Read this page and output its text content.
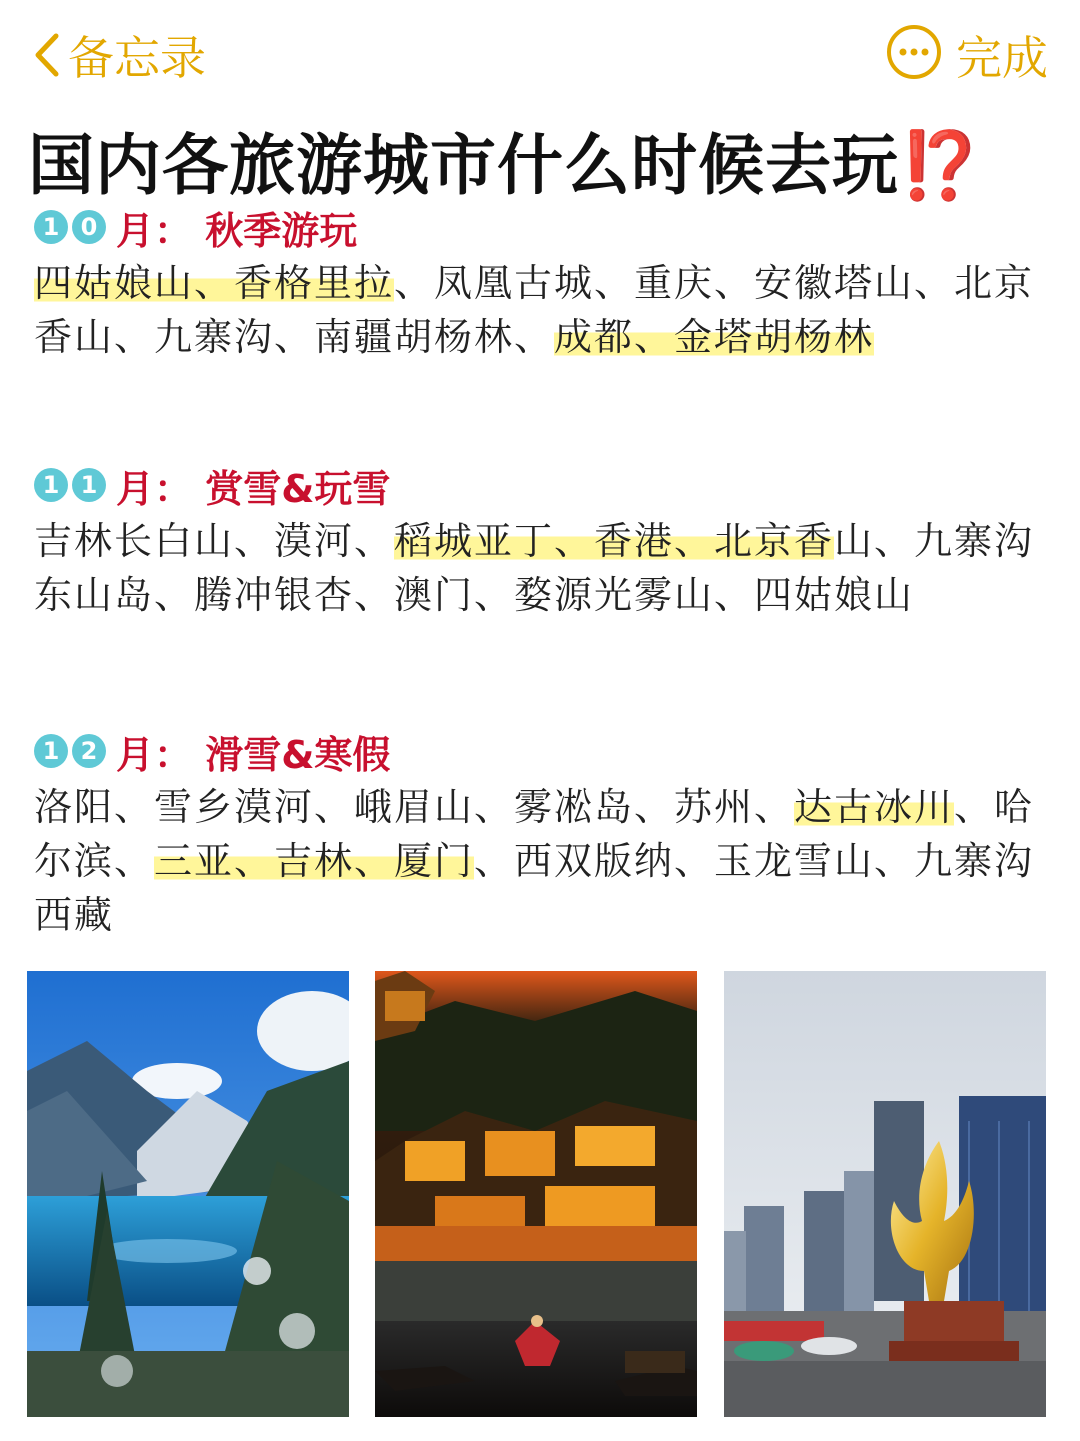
备忘录	完成
国内各旅游城市什么时候去玩⁉️
1 0 月： 秋季游玩
四姑娘山、香格里拉、凤凰古城、重庆、安徽塔山、北京香山、九寨沟、南疆胡杨林、成都、金塔胡杨林
1 1 月： 赏雪&玩雪
吉林长白山、漠河、稻城亚丁、香港、北京香山、九寨沟东山岛、腾冲银杏、澳门、婺源光雾山、四姑娘山
1 2 月： 滑雪&寒假
洛阳、雪乡漠河、峨眉山、雾凇岛、苏州、达古冰川、哈尔滨、三亚、吉林、厦门、西双版纳、玉龙雪山、九寨沟西藏
